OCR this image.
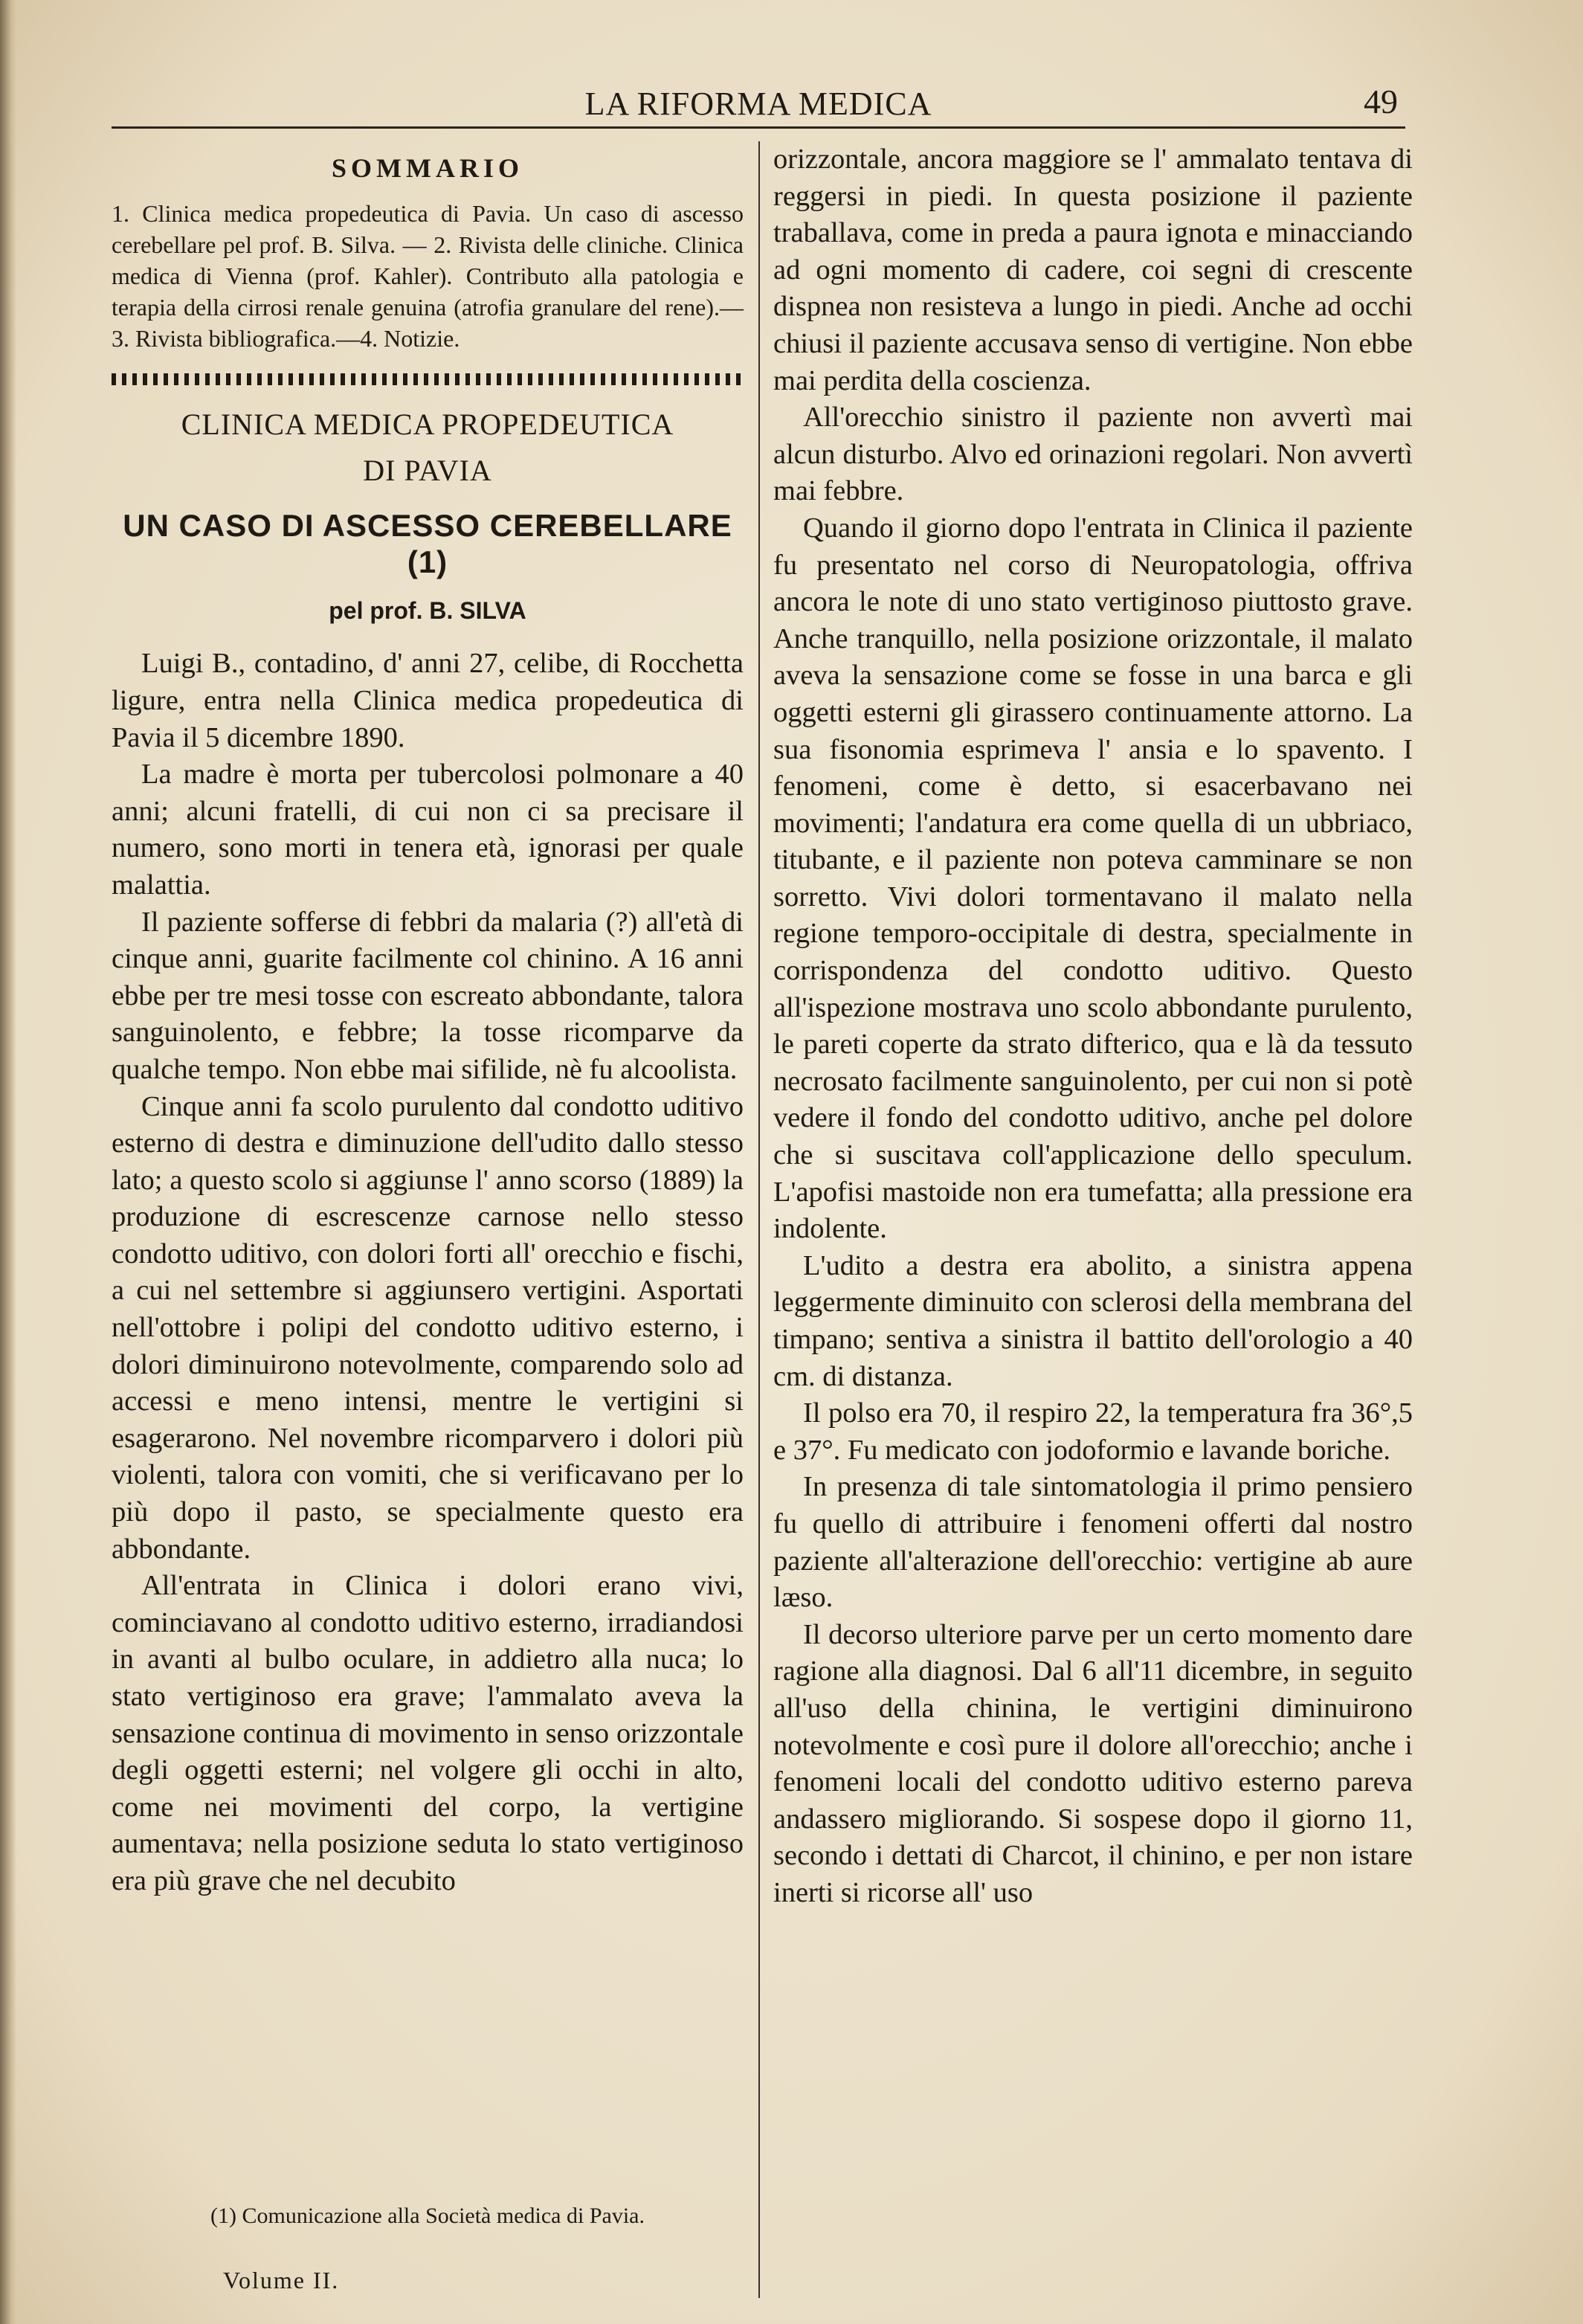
LA RIFORMA MEDICA	49
SOMMARIO

1. Clinica medica propedeutica di Pavia. Un caso di ascesso cerebellare pel prof. B. Silva. — 2. Rivista delle cliniche. Clinica medica di Vienna (prof. Kahler). Contributo alla patologia e terapia della cirrosi renale genuina (atrofia granulare del rene).—3. Rivista bibliografica.—4. Notizie.

CLINICA MEDICA PROPEDEUTICA
DI PAVIA
UN CASO DI ASCESSO CEREBELLARE (1)
pel prof. B. SILVA

Luigi B., contadino, d' anni 27, celibe, di Rocchetta ligure, entra nella Clinica medica propedeutica di Pavia il 5 dicembre 1890.

La madre è morta per tubercolosi polmonare a 40 anni; alcuni fratelli, di cui non ci sa precisare il numero, sono morti in tenera età, ignorasi per quale malattia.

Il paziente sofferse di febbri da malaria (?) all'età di cinque anni, guarite facilmente col chinino. A 16 anni ebbe per tre mesi tosse con escreato abbondante, talora sanguinolento, e febbre; la tosse ricomparve da qualche tempo. Non ebbe mai sifilide, nè fu alcoolista.

Cinque anni fa scolo purulento dal condotto uditivo esterno di destra e diminuzione dell'udito dallo stesso lato; a questo scolo si aggiunse l' anno scorso (1889) la produzione di escrescenze carnose nello stesso condotto uditivo, con dolori forti all' orecchio e fischi, a cui nel settembre si aggiunsero vertigini. Asportati nell'ottobre i polipi del condotto uditivo esterno, i dolori diminuirono notevolmente, comparendo solo ad accessi e meno intensi, mentre le vertigini si esagerarono. Nel novembre ricomparvero i dolori più violenti, talora con vomiti, che si verificavano per lo più dopo il pasto, se specialmente questo era abbondante.

All'entrata in Clinica i dolori erano vivi, cominciavano al condotto uditivo esterno, irradiandosi in avanti al bulbo oculare, in addietro alla nuca; lo stato vertiginoso era grave; l'ammalato aveva la sensazione continua di movimento in senso orizzontale degli oggetti esterni; nel volgere gli occhi in alto, come nei movimenti del corpo, la vertigine aumentava; nella posizione seduta lo stato vertiginoso era più grave che nel decubito

orizzontale, ancora maggiore se l' ammalato tentava di reggersi in piedi. In questa posizione il paziente traballava, come in preda a paura ignota e minacciando ad ogni momento di cadere, coi segni di crescente dispnea non resisteva a lungo in piedi. Anche ad occhi chiusi il paziente accusava senso di vertigine. Non ebbe mai perdita della coscienza.

All'orecchio sinistro il paziente non avvertì mai alcun disturbo. Alvo ed orinazioni regolari. Non avvertì mai febbre.

Quando il giorno dopo l'entrata in Clinica il paziente fu presentato nel corso di Neuropatologia, offriva ancora le note di uno stato vertiginoso piuttosto grave. Anche tranquillo, nella posizione orizzontale, il malato aveva la sensazione come se fosse in una barca e gli oggetti esterni gli girassero continuamente attorno. La sua fisonomia esprimeva l' ansia e lo spavento. I fenomeni, come è detto, si esacerbavano nei movimenti; l'andatura era come quella di un ubbriaco, titubante, e il paziente non poteva camminare se non sorretto. Vivi dolori tormentavano il malato nella regione temporo-occipitale di destra, specialmente in corrispondenza del condotto uditivo. Questo all'ispezione mostrava uno scolo abbondante purulento, le pareti coperte da strato difterico, qua e là da tessuto necrosato facilmente sanguinolento, per cui non si potè vedere il fondo del condotto uditivo, anche pel dolore che si suscitava coll'applicazione dello speculum. L'apofisi mastoide non era tumefatta; alla pressione era indolente.

L'udito a destra era abolito, a sinistra appena leggermente diminuito con sclerosi della membrana del timpano; sentiva a sinistra il battito dell'orologio a 40 cm. di distanza.

Il polso era 70, il respiro 22, la temperatura fra 36°,5 e 37°. Fu medicato con jodoformio e lavande boriche.

In presenza di tale sintomatologia il primo pensiero fu quello di attribuire i fenomeni offerti dal nostro paziente all'alterazione dell'orecchio: vertigine ab aure læso.

Il decorso ulteriore parve per un certo momento dare ragione alla diagnosi. Dal 6 all'11 dicembre, in seguito all'uso della chinina, le vertigini diminuirono notevolmente e così pure il dolore all'orecchio; anche i fenomeni locali del condotto uditivo esterno pareva andassero migliorando. Si sospese dopo il giorno 11, secondo i dettati di Charcot, il chinino, e per non istare inerti si ricorse all' uso

(1) Comunicazione alla Società medica di Pavia.
Volume II.
